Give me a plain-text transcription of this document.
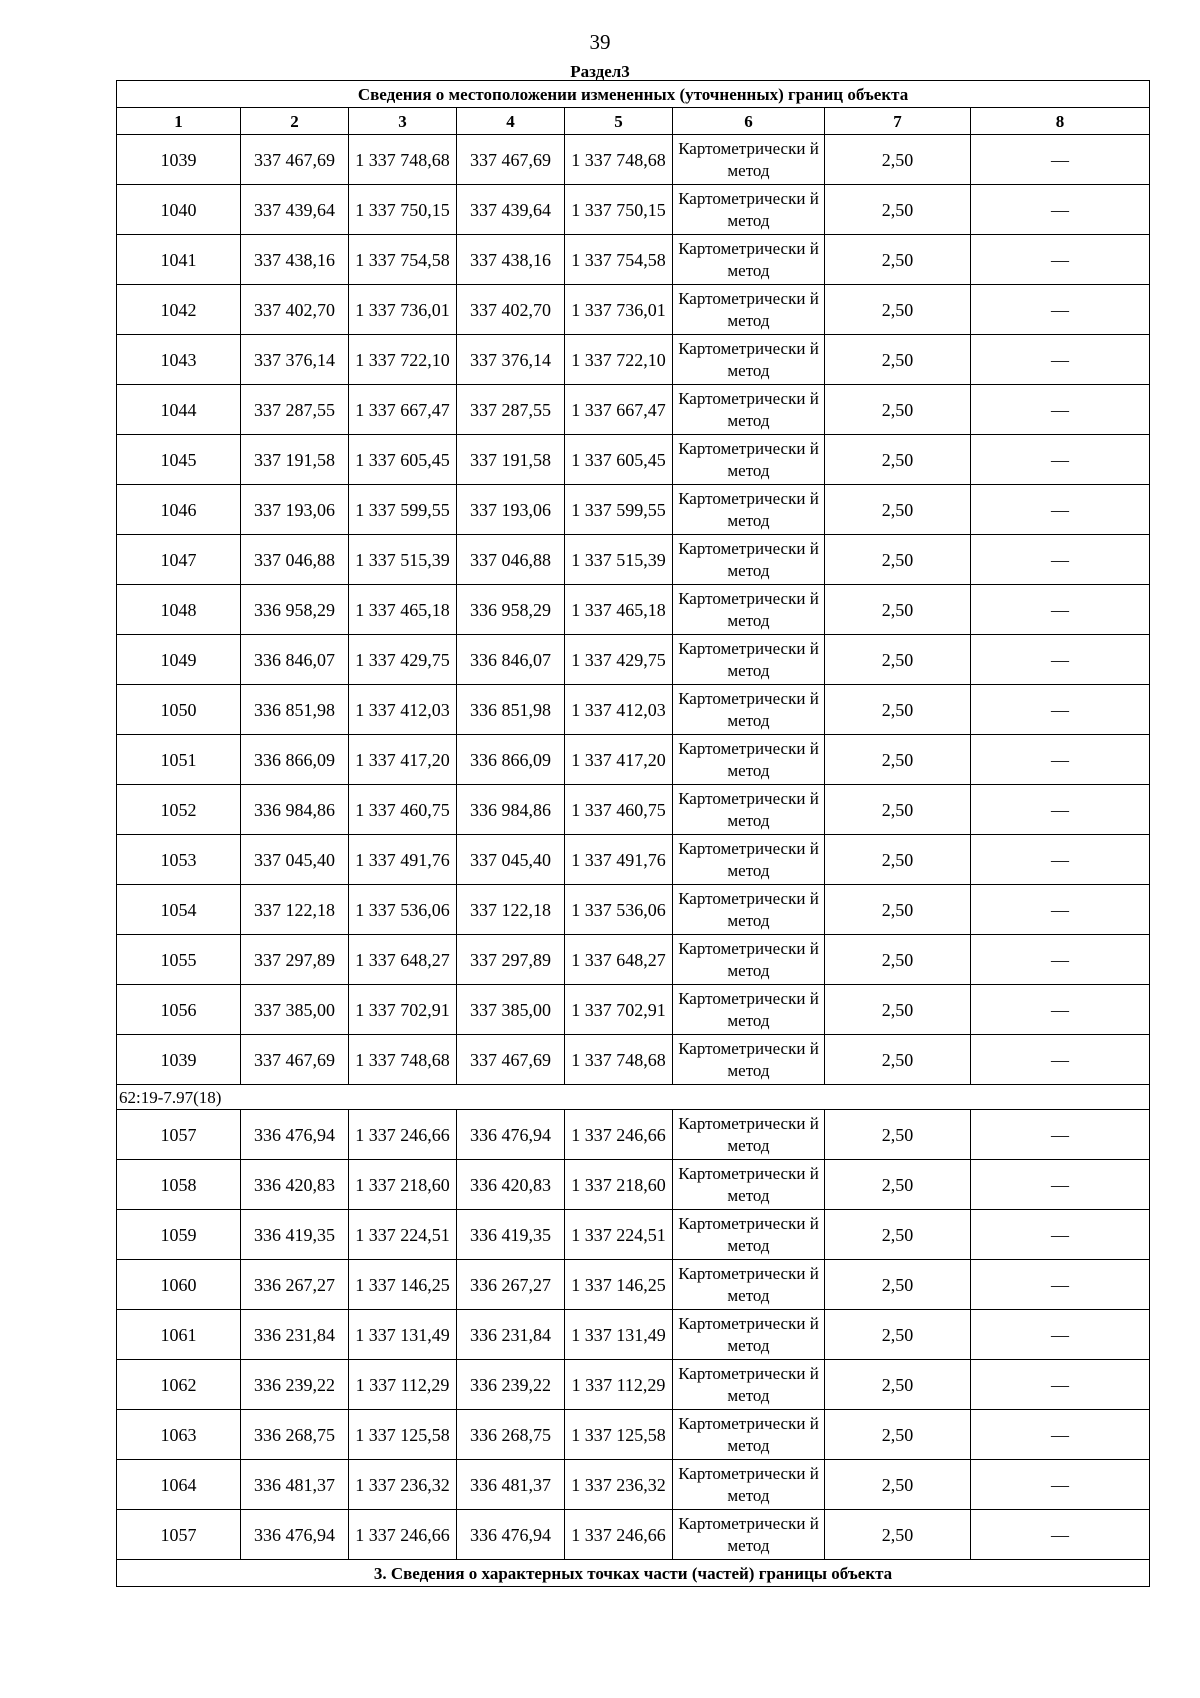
39
Раздел3
Сведения о местоположении измененных (уточненных) границ объекта							
1	2	3	4	5	6	7	8
1039	337 467,69	1 337 748,68	337 467,69	1 337 748,68	Картометрически й метод	2,50	—
1040	337 439,64	1 337 750,15	337 439,64	1 337 750,15	Картометрически й метод	2,50	—
1041	337 438,16	1 337 754,58	337 438,16	1 337 754,58	Картометрически й метод	2,50	—
1042	337 402,70	1 337 736,01	337 402,70	1 337 736,01	Картометрически й метод	2,50	—
1043	337 376,14	1 337 722,10	337 376,14	1 337 722,10	Картометрически й метод	2,50	—
1044	337 287,55	1 337 667,47	337 287,55	1 337 667,47	Картометрически й метод	2,50	—
1045	337 191,58	1 337 605,45	337 191,58	1 337 605,45	Картометрически й метод	2,50	—
1046	337 193,06	1 337 599,55	337 193,06	1 337 599,55	Картометрически й метод	2,50	—
1047	337 046,88	1 337 515,39	337 046,88	1 337 515,39	Картометрически й метод	2,50	—
1048	336 958,29	1 337 465,18	336 958,29	1 337 465,18	Картометрически й метод	2,50	—
1049	336 846,07	1 337 429,75	336 846,07	1 337 429,75	Картометрически й метод	2,50	—
1050	336 851,98	1 337 412,03	336 851,98	1 337 412,03	Картометрически й метод	2,50	—
1051	336 866,09	1 337 417,20	336 866,09	1 337 417,20	Картометрически й метод	2,50	—
1052	336 984,86	1 337 460,75	336 984,86	1 337 460,75	Картометрически й метод	2,50	—
1053	337 045,40	1 337 491,76	337 045,40	1 337 491,76	Картометрически й метод	2,50	—
1054	337 122,18	1 337 536,06	337 122,18	1 337 536,06	Картометрически й метод	2,50	—
1055	337 297,89	1 337 648,27	337 297,89	1 337 648,27	Картометрически й метод	2,50	—
1056	337 385,00	1 337 702,91	337 385,00	1 337 702,91	Картометрически й метод	2,50	—
1039	337 467,69	1 337 748,68	337 467,69	1 337 748,68	Картометрически й метод	2,50	—
62:19-7.97(18)							
1057	336 476,94	1 337 246,66	336 476,94	1 337 246,66	Картометрически й метод	2,50	—
1058	336 420,83	1 337 218,60	336 420,83	1 337 218,60	Картометрически й метод	2,50	—
1059	336 419,35	1 337 224,51	336 419,35	1 337 224,51	Картометрически й метод	2,50	—
1060	336 267,27	1 337 146,25	336 267,27	1 337 146,25	Картометрически й метод	2,50	—
1061	336 231,84	1 337 131,49	336 231,84	1 337 131,49	Картометрически й метод	2,50	—
1062	336 239,22	1 337 112,29	336 239,22	1 337 112,29	Картометрически й метод	2,50	—
1063	336 268,75	1 337 125,58	336 268,75	1 337 125,58	Картометрически й метод	2,50	—
1064	336 481,37	1 337 236,32	336 481,37	1 337 236,32	Картометрически й метод	2,50	—
1057	336 476,94	1 337 246,66	336 476,94	1 337 246,66	Картометрически й метод	2,50	—
3. Сведения о характерных точках части (частей) границы объекта							
